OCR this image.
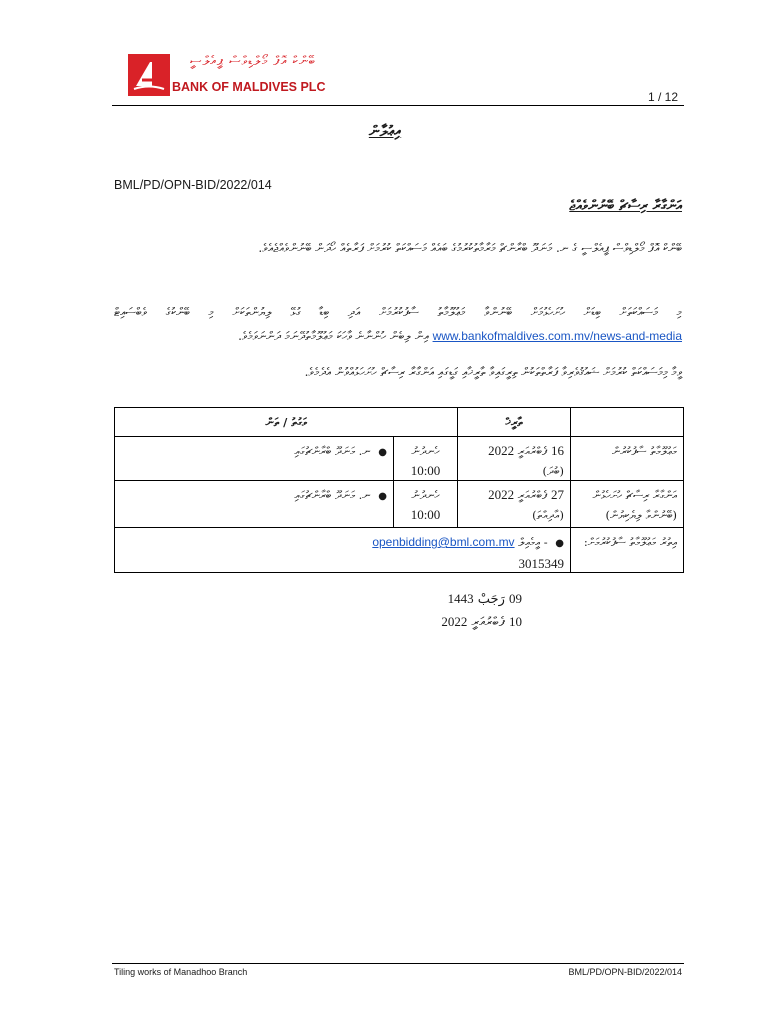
ބޭންކް އޮފް މޯލްޑިވްސް ޕީއެލްސީ
BANK OF MALDIVES PLC
1 / 12
އިޢުލާން
BML/PD/OPN-BID/2022/014
އަންގާރާ ރިސާޗް ބޭނުންވެއްޖެ
ބޭންކް އޮފް މޯލްޑިވްސް ޕީއެލްސީ ގެ ނ. މަނަދޫ ބްރާންޗް މަރާމާތުކުރުމުގެ ބައެއް މަސައްކަތް ކުރުމަށް ފަރާތެއް ހޯދަން ބޭނުންވެއްޖެއެވެ.
މި މަސައްކަތަށް ބިޑަށް ހުށަހެޅުމަށް ބޭނުންވާ މަޢުލޫމާތު ސާފުކުރުމަށް އަދި ބިޑާ ގުޅޭ ލިޔުންތަކަށް މި ބޭންކުގެ ވެބްސައިޓް www.bankofmaldives.com.mv/news-and-media އިން ލިބެން ހުންނާނެ ވާހަކަ މަޢުލޫމާތުދޭނަމަ ދަންނަވަމެވެ.
ވީމާ މިމަސައްކަތް ކުރުމަށް ޝައުޤުވެރިވާ ފަރާތްތަކުން ތިރީގައިވާ ތާރީޚާއި ގަޑީގައި އަންގާރާ ރިސާޗް ހުށަހަޅުއްވުން އެދެމެވެ.
ތާރީޚް
ވަގުތު / ތަން
މަޢުލޫމާތު ސާފުކުރުން
16 ފެބްރުއަރީ 2022
(ބުދަ)
ހެނދުނު
10:00
● ނ. މަނަދޫ ބްރާންޗުގައި
އަންގާރާ ރިސާޗް ހުށަހެޅުން (ބޭނުންވާ ލިޔެކިޔުން)
27 ފެބްރުއަރީ 2022
(އާދިއްތަ)
ހެނދުނު
10:00
● ނ. މަނަދޫ ބްރާންޗުގައި
އިތުރު މަޢުލޫމާތު ސާފުކުރުމަށް:
openbidding@bml.com.mv އީމެއިލް - ●
3015349
09 رَجَبْ 1443
10 ފެބްރުއަރީ 2022
Tiling works of Manadhoo Branch	BML/PD/OPN-BID/2022/014
